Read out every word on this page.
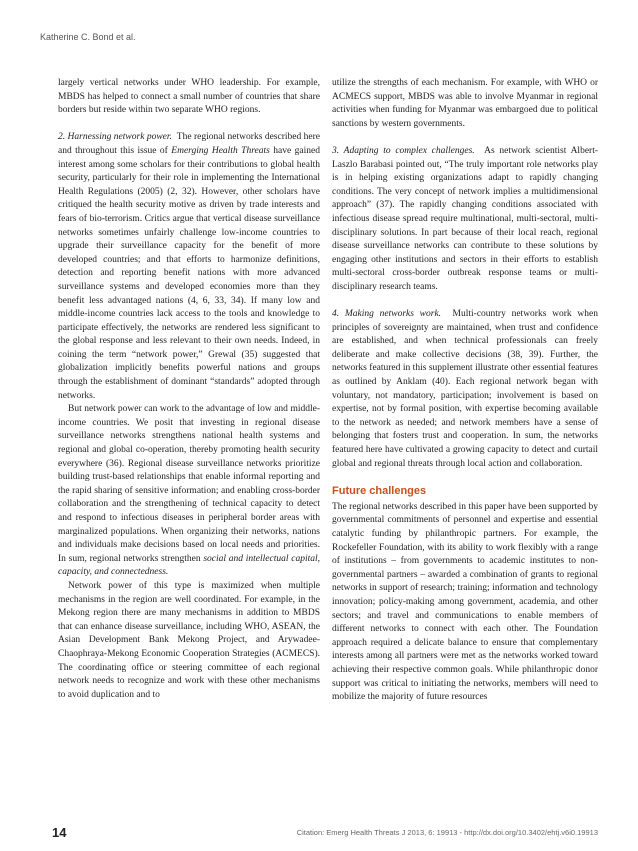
Katherine C. Bond et al.

largely vertical networks under WHO leadership. For example, MBDS has helped to connect a small number of countries that share borders but reside within two separate WHO regions.

2. Harnessing network power. The regional networks described here and throughout this issue of Emerging Health Threats have gained interest among some scholars for their contributions to global health security, particularly for their role in implementing the International Health Regulations (2005) (2, 32). However, other scholars have critiqued the health security motive as driven by trade interests and fears of bio-terrorism. Critics argue that vertical disease surveillance networks sometimes unfairly challenge low-income countries to upgrade their surveillance capacity for the benefit of more developed countries; and that efforts to harmonize definitions, detection and reporting benefit nations with more advanced surveillance systems and developed economies more than they benefit less advantaged nations (4, 6, 33, 34). If many low and middle-income countries lack access to the tools and knowledge to participate effectively, the networks are rendered less significant to the global response and less relevant to their own needs. Indeed, in coining the term “network power,” Grewal (35) suggested that globalization implicitly benefits powerful nations and groups through the establishment of dominant “standards” adopted through networks.

But network power can work to the advantage of low and middle-income countries. We posit that investing in regional disease surveillance networks strengthens national health systems and regional and global co-operation, thereby promoting health security everywhere (36). Regional disease surveillance networks prioritize building trust-based relationships that enable informal reporting and the rapid sharing of sensitive information; and enabling cross-border collaboration and the strengthening of technical capacity to detect and respond to infectious diseases in peripheral border areas with marginalized populations. When organizing their networks, nations and individuals make decisions based on local needs and priorities. In sum, regional networks strengthen social and intellectual capital, capacity, and connectedness.

Network power of this type is maximized when multiple mechanisms in the region are well coordinated. For example, in the Mekong region there are many mechanisms in addition to MBDS that can enhance disease surveillance, including WHO, ASEAN, the Asian Development Bank Mekong Project, and Arywadee-Chaophraya-Mekong Economic Cooperation Strategies (ACMECS). The coordinating office or steering committee of each regional network needs to recognize and work with these other mechanisms to avoid duplication and to

utilize the strengths of each mechanism. For example, with WHO or ACMECS support, MBDS was able to involve Myanmar in regional activities when funding for Myanmar was embargoed due to political sanctions by western governments.

3. Adapting to complex challenges. As network scientist Albert-Laszlo Barabasi pointed out, “The truly important role networks play is in helping existing organizations adapt to rapidly changing conditions. The very concept of network implies a multidimensional approach” (37). The rapidly changing conditions associated with infectious disease spread require multinational, multi-sectoral, multi-disciplinary solutions. In part because of their local reach, regional disease surveillance networks can contribute to these solutions by engaging other institutions and sectors in their efforts to establish multi-sectoral cross-border outbreak response teams or multi-disciplinary research teams.

4. Making networks work. Multi-country networks work when principles of sovereignty are maintained, when trust and confidence are established, and when technical professionals can freely deliberate and make collective decisions (38, 39). Further, the networks featured in this supplement illustrate other essential features as outlined by Anklam (40). Each regional network began with voluntary, not mandatory, participation; involvement is based on expertise, not by formal position, with expertise becoming available to the network as needed; and network members have a sense of belonging that fosters trust and cooperation. In sum, the networks featured here have cultivated a growing capacity to detect and curtail global and regional threats through local action and collaboration.

Future challenges

The regional networks described in this paper have been supported by governmental commitments of personnel and expertise and essential catalytic funding by philanthropic partners. For example, the Rockefeller Foundation, with its ability to work flexibly with a range of institutions – from governments to academic institutes to non-governmental partners – awarded a combination of grants to regional networks in support of research; training; information and technology innovation; policy-making among government, academia, and other sectors; and travel and communications to enable members of different networks to connect with each other. The Foundation approach required a delicate balance to ensure that complementary interests among all partners were met as the networks worked toward achieving their respective common goals. While philanthropic donor support was critical to initiating the networks, members will need to mobilize the majority of future resources

14	Citation: Emerg Health Threats J 2013, 6: 19913 - http://dx.doi.org/10.3402/ehtj.v6i0.19913
